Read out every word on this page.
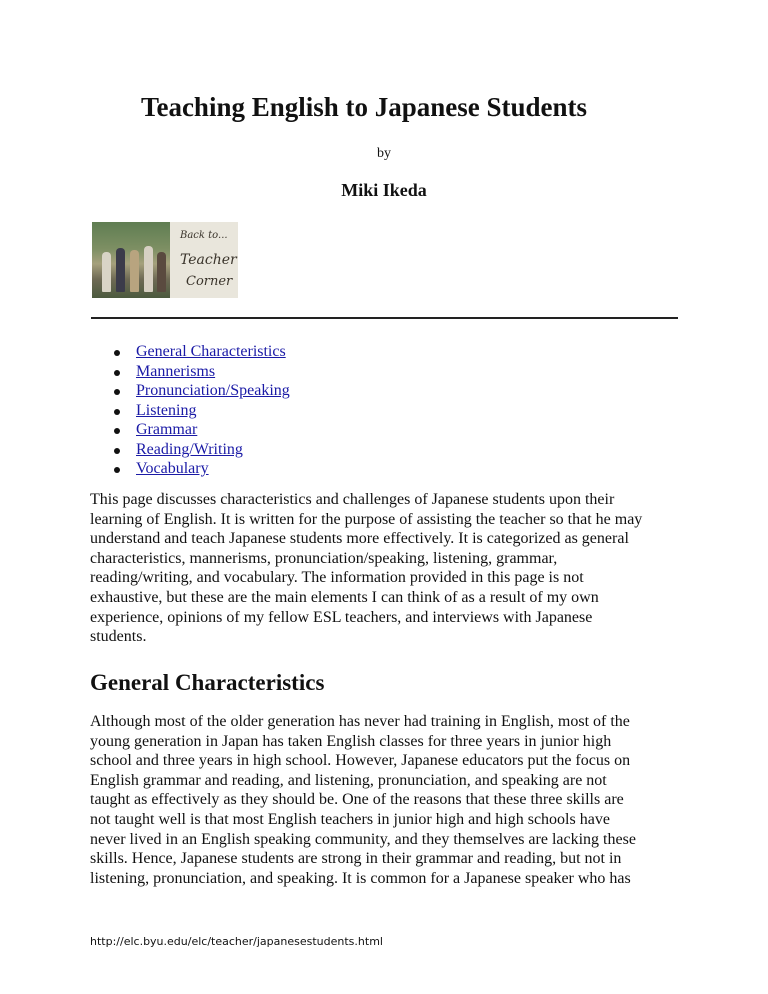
Teaching English to Japanese Students
by
Miki Ikeda
Back to...
Teacher
Corner
General Characteristics
Mannerisms
Pronunciation/Speaking
Listening
Grammar
Reading/Writing
Vocabulary

This page discusses characteristics and challenges of Japanese students upon their
learning of English. It is written for the purpose of assisting the teacher so that he may
understand and teach Japanese students more effectively. It is categorized as general
characteristics, mannerisms, pronunciation/speaking, listening, grammar,
reading/writing, and vocabulary. The information provided in this page is not
exhaustive, but these are the main elements I can think of as a result of my own
experience, opinions of my fellow ESL teachers, and interviews with Japanese
students.

General Characteristics

Although most of the older generation has never had training in English, most of the
young generation in Japan has taken English classes for three years in junior high
school and three years in high school. However, Japanese educators put the focus on
English grammar and reading, and listening, pronunciation, and speaking are not
taught as effectively as they should be. One of the reasons that these three skills are
not taught well is that most English teachers in junior high and high schools have
never lived in an English speaking community, and they themselves are lacking these
skills. Hence, Japanese students are strong in their grammar and reading, but not in
listening, pronunciation, and speaking. It is common for a Japanese speaker who has

http://elc.byu.edu/elc/teacher/japanesestudents.html
